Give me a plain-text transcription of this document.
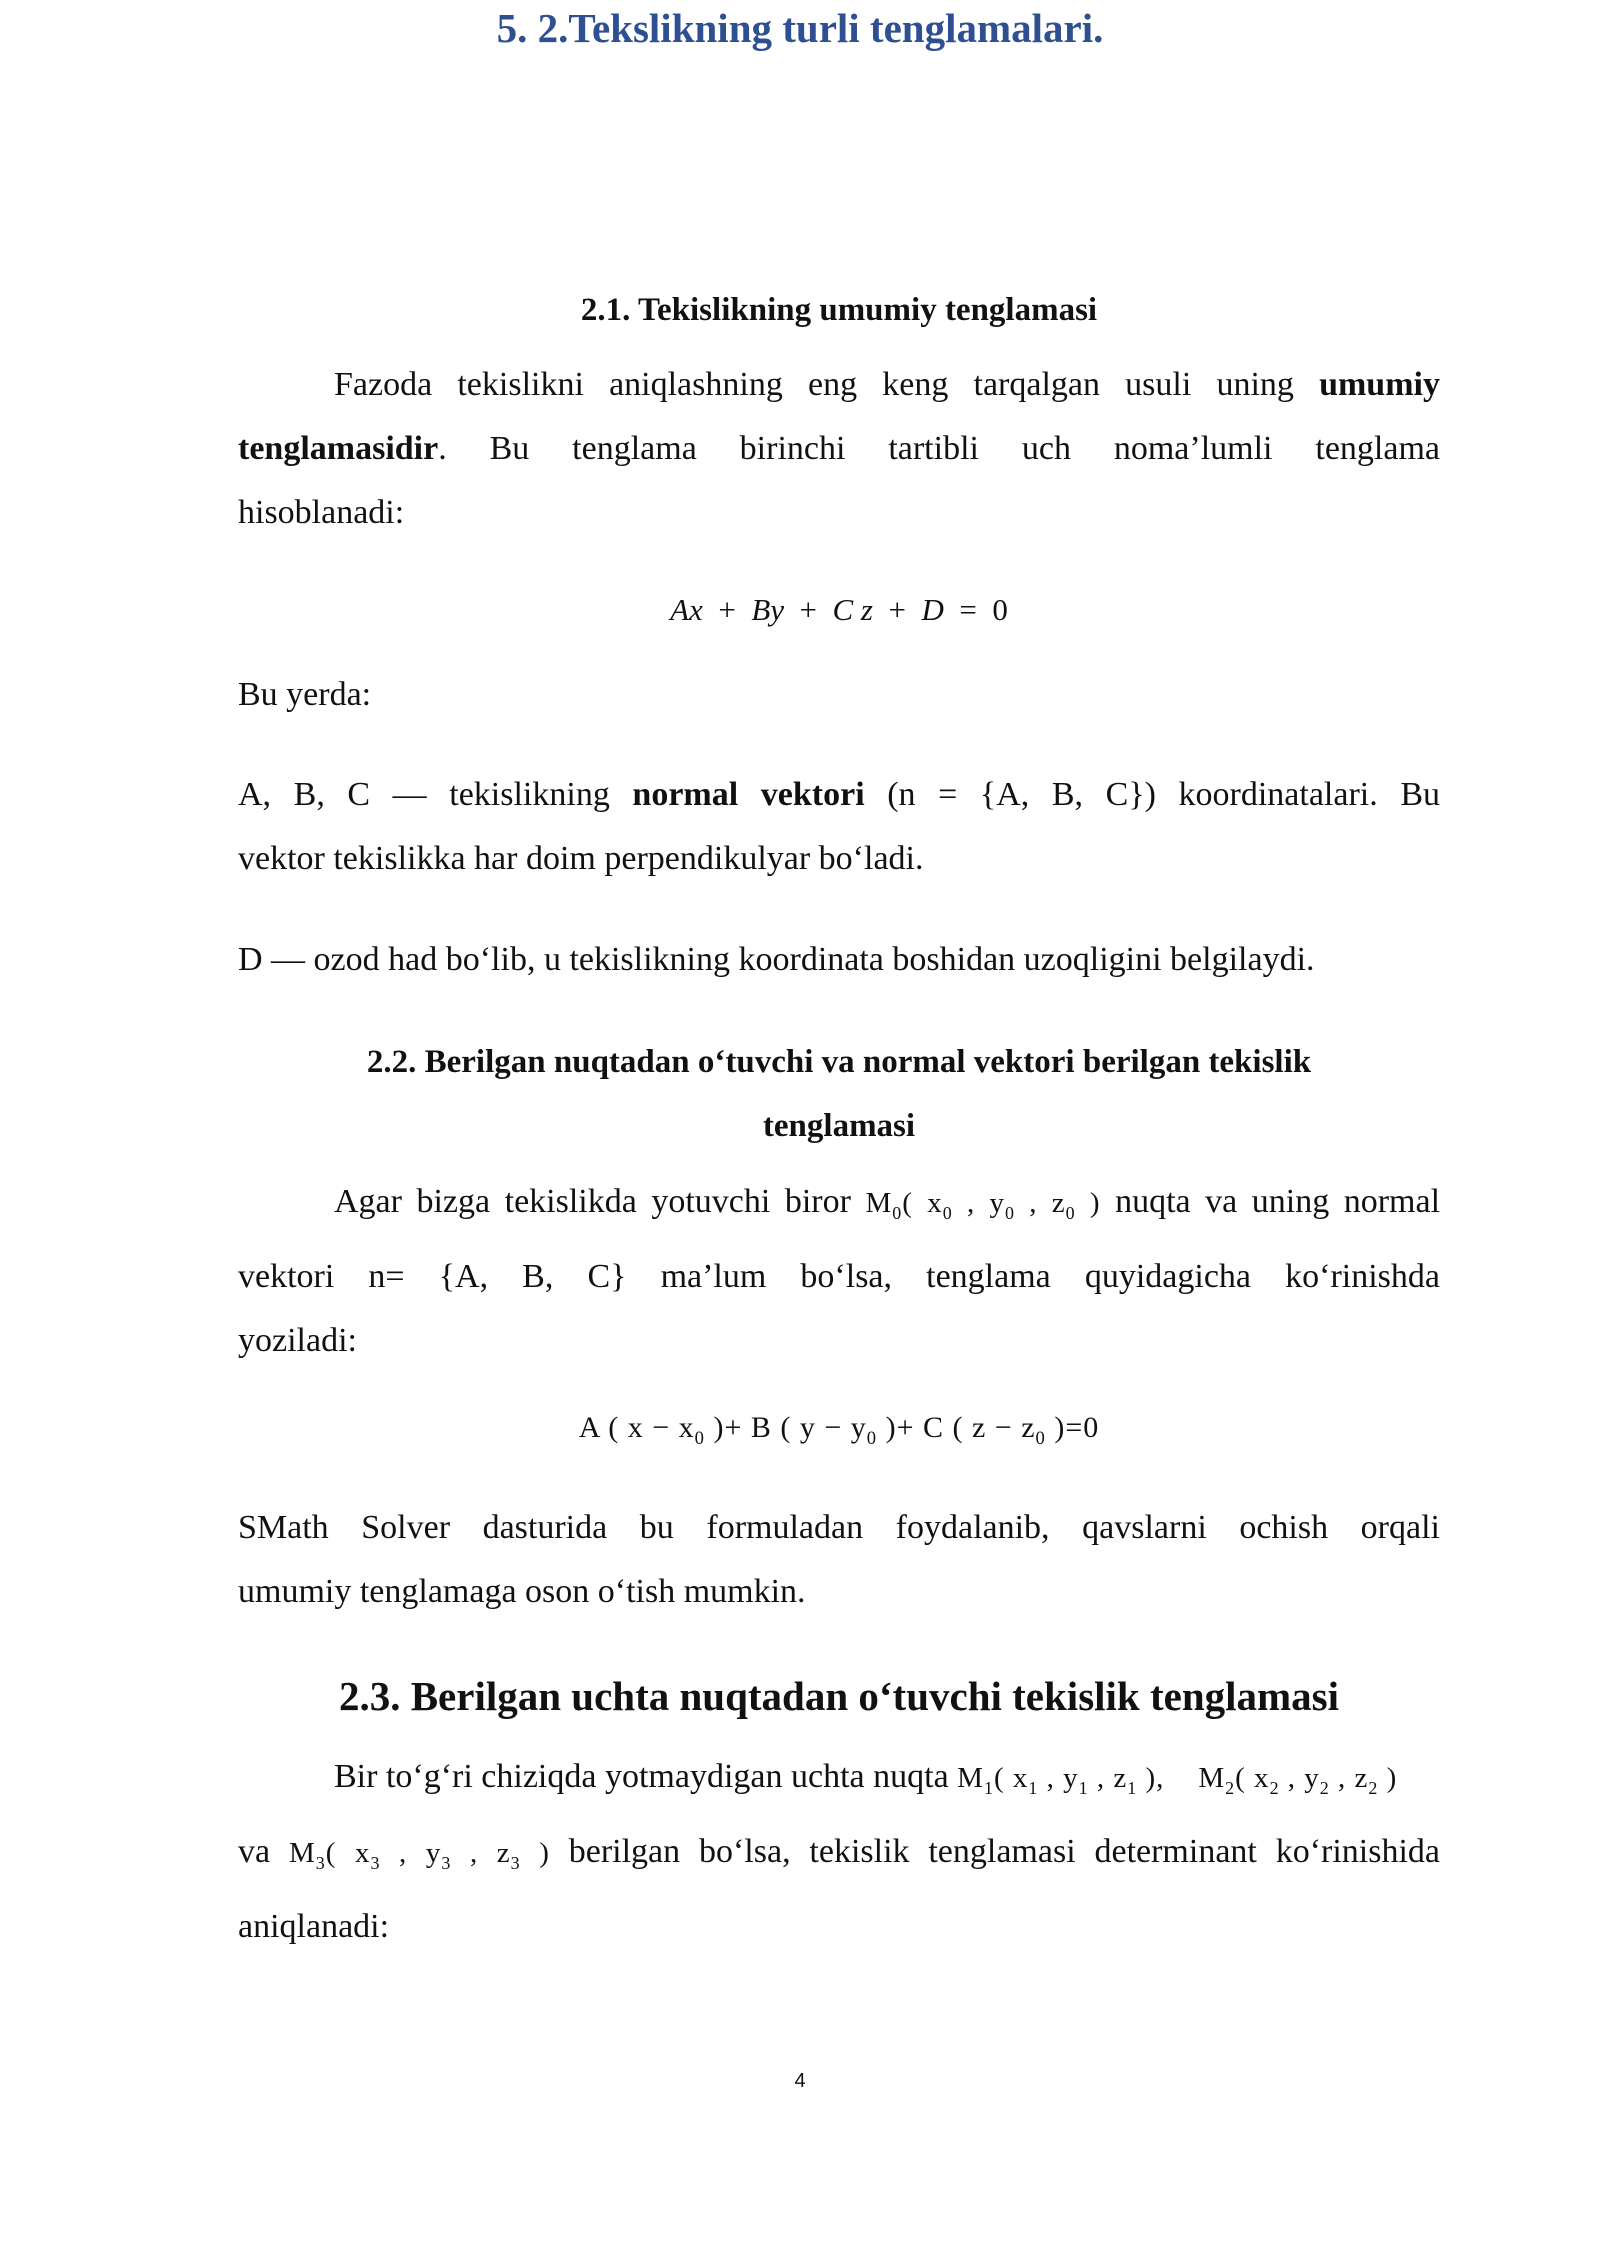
5. 2.Tekslikning turli tenglamalari.
2.1. Tekislikning umumiy tenglamasi
Fazoda tekislikni aniqlashning eng keng tarqalgan usuli uning umumiy
tenglamasidir. Bu tenglama birinchi tartibli uch noma’lumli tenglama
hisoblanadi:
Ax + By + C z + D = 0
Bu yerda:
A, B, C — tekislikning normal vektori (n = {A, B, C}) koordinatalari. Bu
vektor tekislikka har doim perpendikulyar bo‘ladi.
D — ozod had bo‘lib, u tekislikning koordinata boshidan uzoqligini belgilaydi.
2.2. Berilgan nuqtadan o‘tuvchi va normal vektori berilgan tekislik
tenglamasi
Agar bizga tekislikda yotuvchi biror $M_0$( $x_0$ , $y_0$ , $z_0$ ) nuqta va uning normal
vektori n= {A, B, C} ma’lum bo‘lsa, tenglama quyidagicha ko‘rinishda
yoziladi:
A ( $x - x_0$ )+ B ( $y - y_0$ )+ C ( $z - z_0$ )=0
SMath Solver dasturida bu formuladan foydalanib, qavslarni ochish orqali
umumiy tenglamaga oson o‘tish mumkin.
2.3. Berilgan uchta nuqtadan o‘tuvchi tekislik tenglamasi
Bir to‘g‘ri chiziqda yotmaydigan uchta nuqta $M_1$( $x_1$ , $y_1$ , $z_1$ ), $M_2$( $x_2$ , $y_2$ , $z_2$ )
va $M_3$( $x_3$ , $y_3$ , $z_3$ ) berilgan bo‘lsa, tekislik tenglamasi determinant ko‘rinishida
aniqlanadi:
4
